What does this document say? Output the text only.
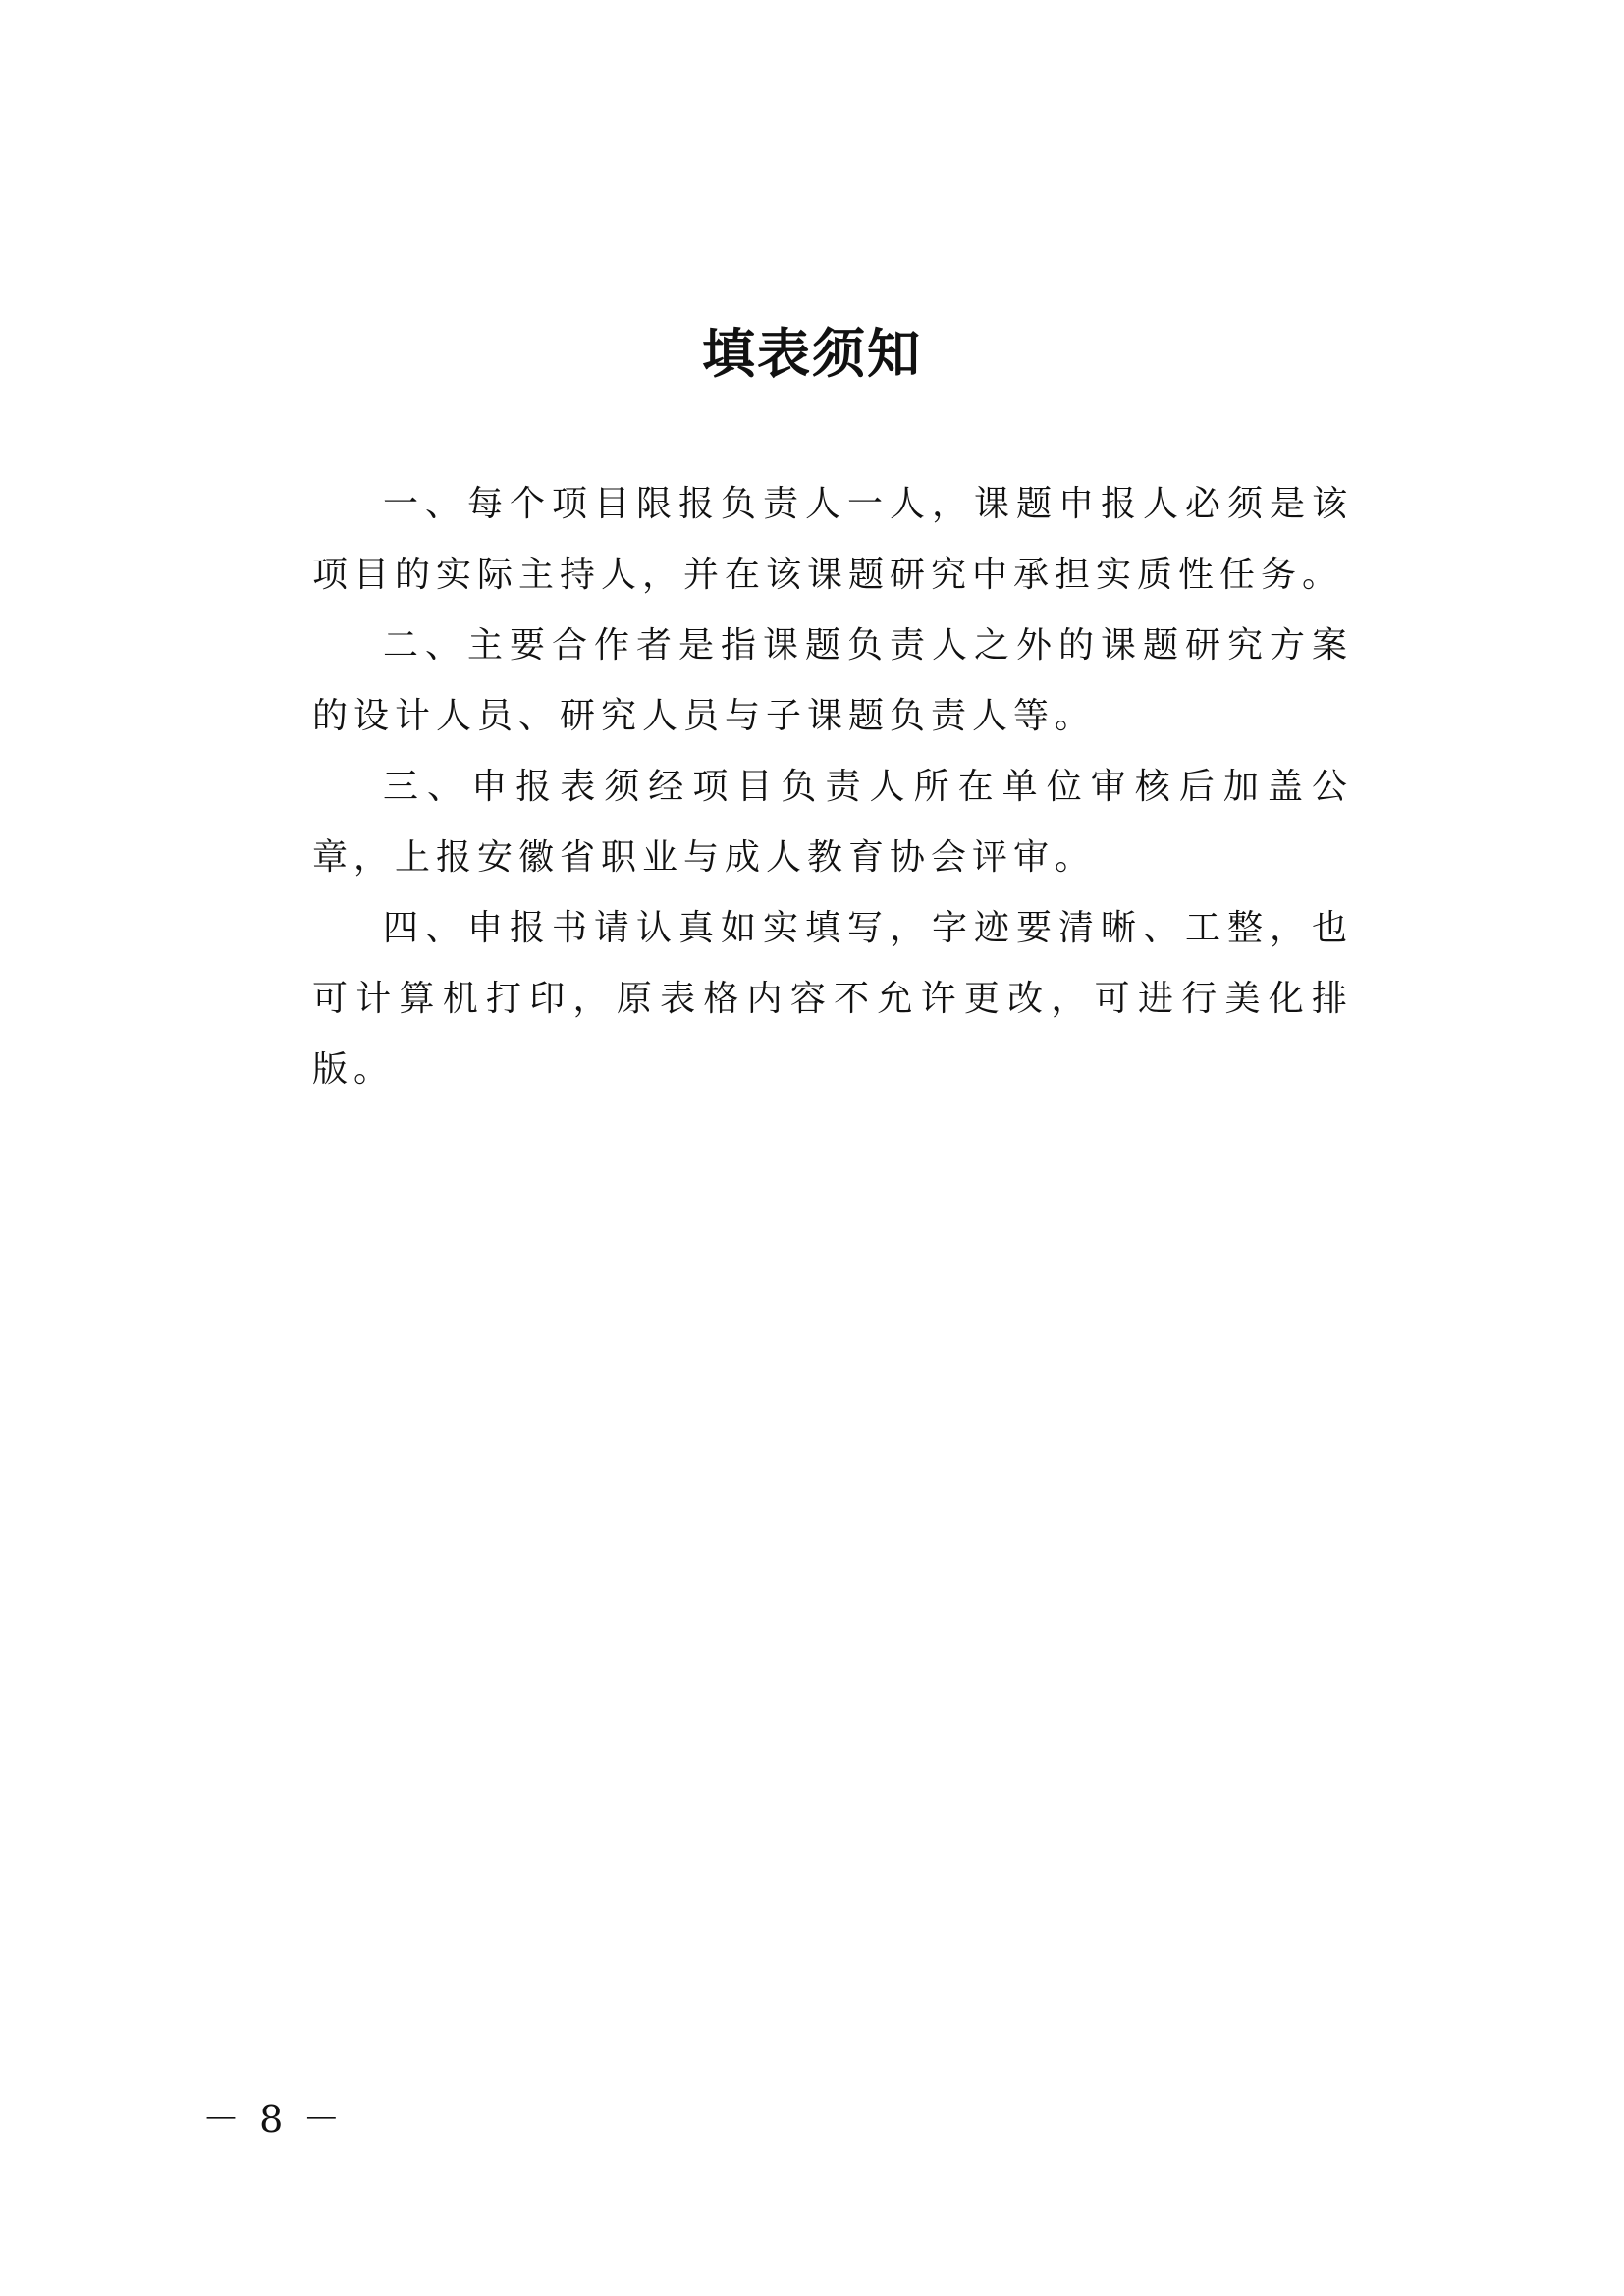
填表须知

一、每个项目限报负责人一人，课题申报人必须是该项目的实际主持人，并在该课题研究中承担实质性任务。

二、主要合作者是指课题负责人之外的课题研究方案的设计人员、研究人员与子课题负责人等。

三、申报表须经项目负责人所在单位审核后加盖公章，上报安徽省职业与成人教育协会评审。

四、申报书请认真如实填写，字迹要清晰、工整，也可计算机打印，原表格内容不允许更改，可进行美化排版。

－ 8 －
